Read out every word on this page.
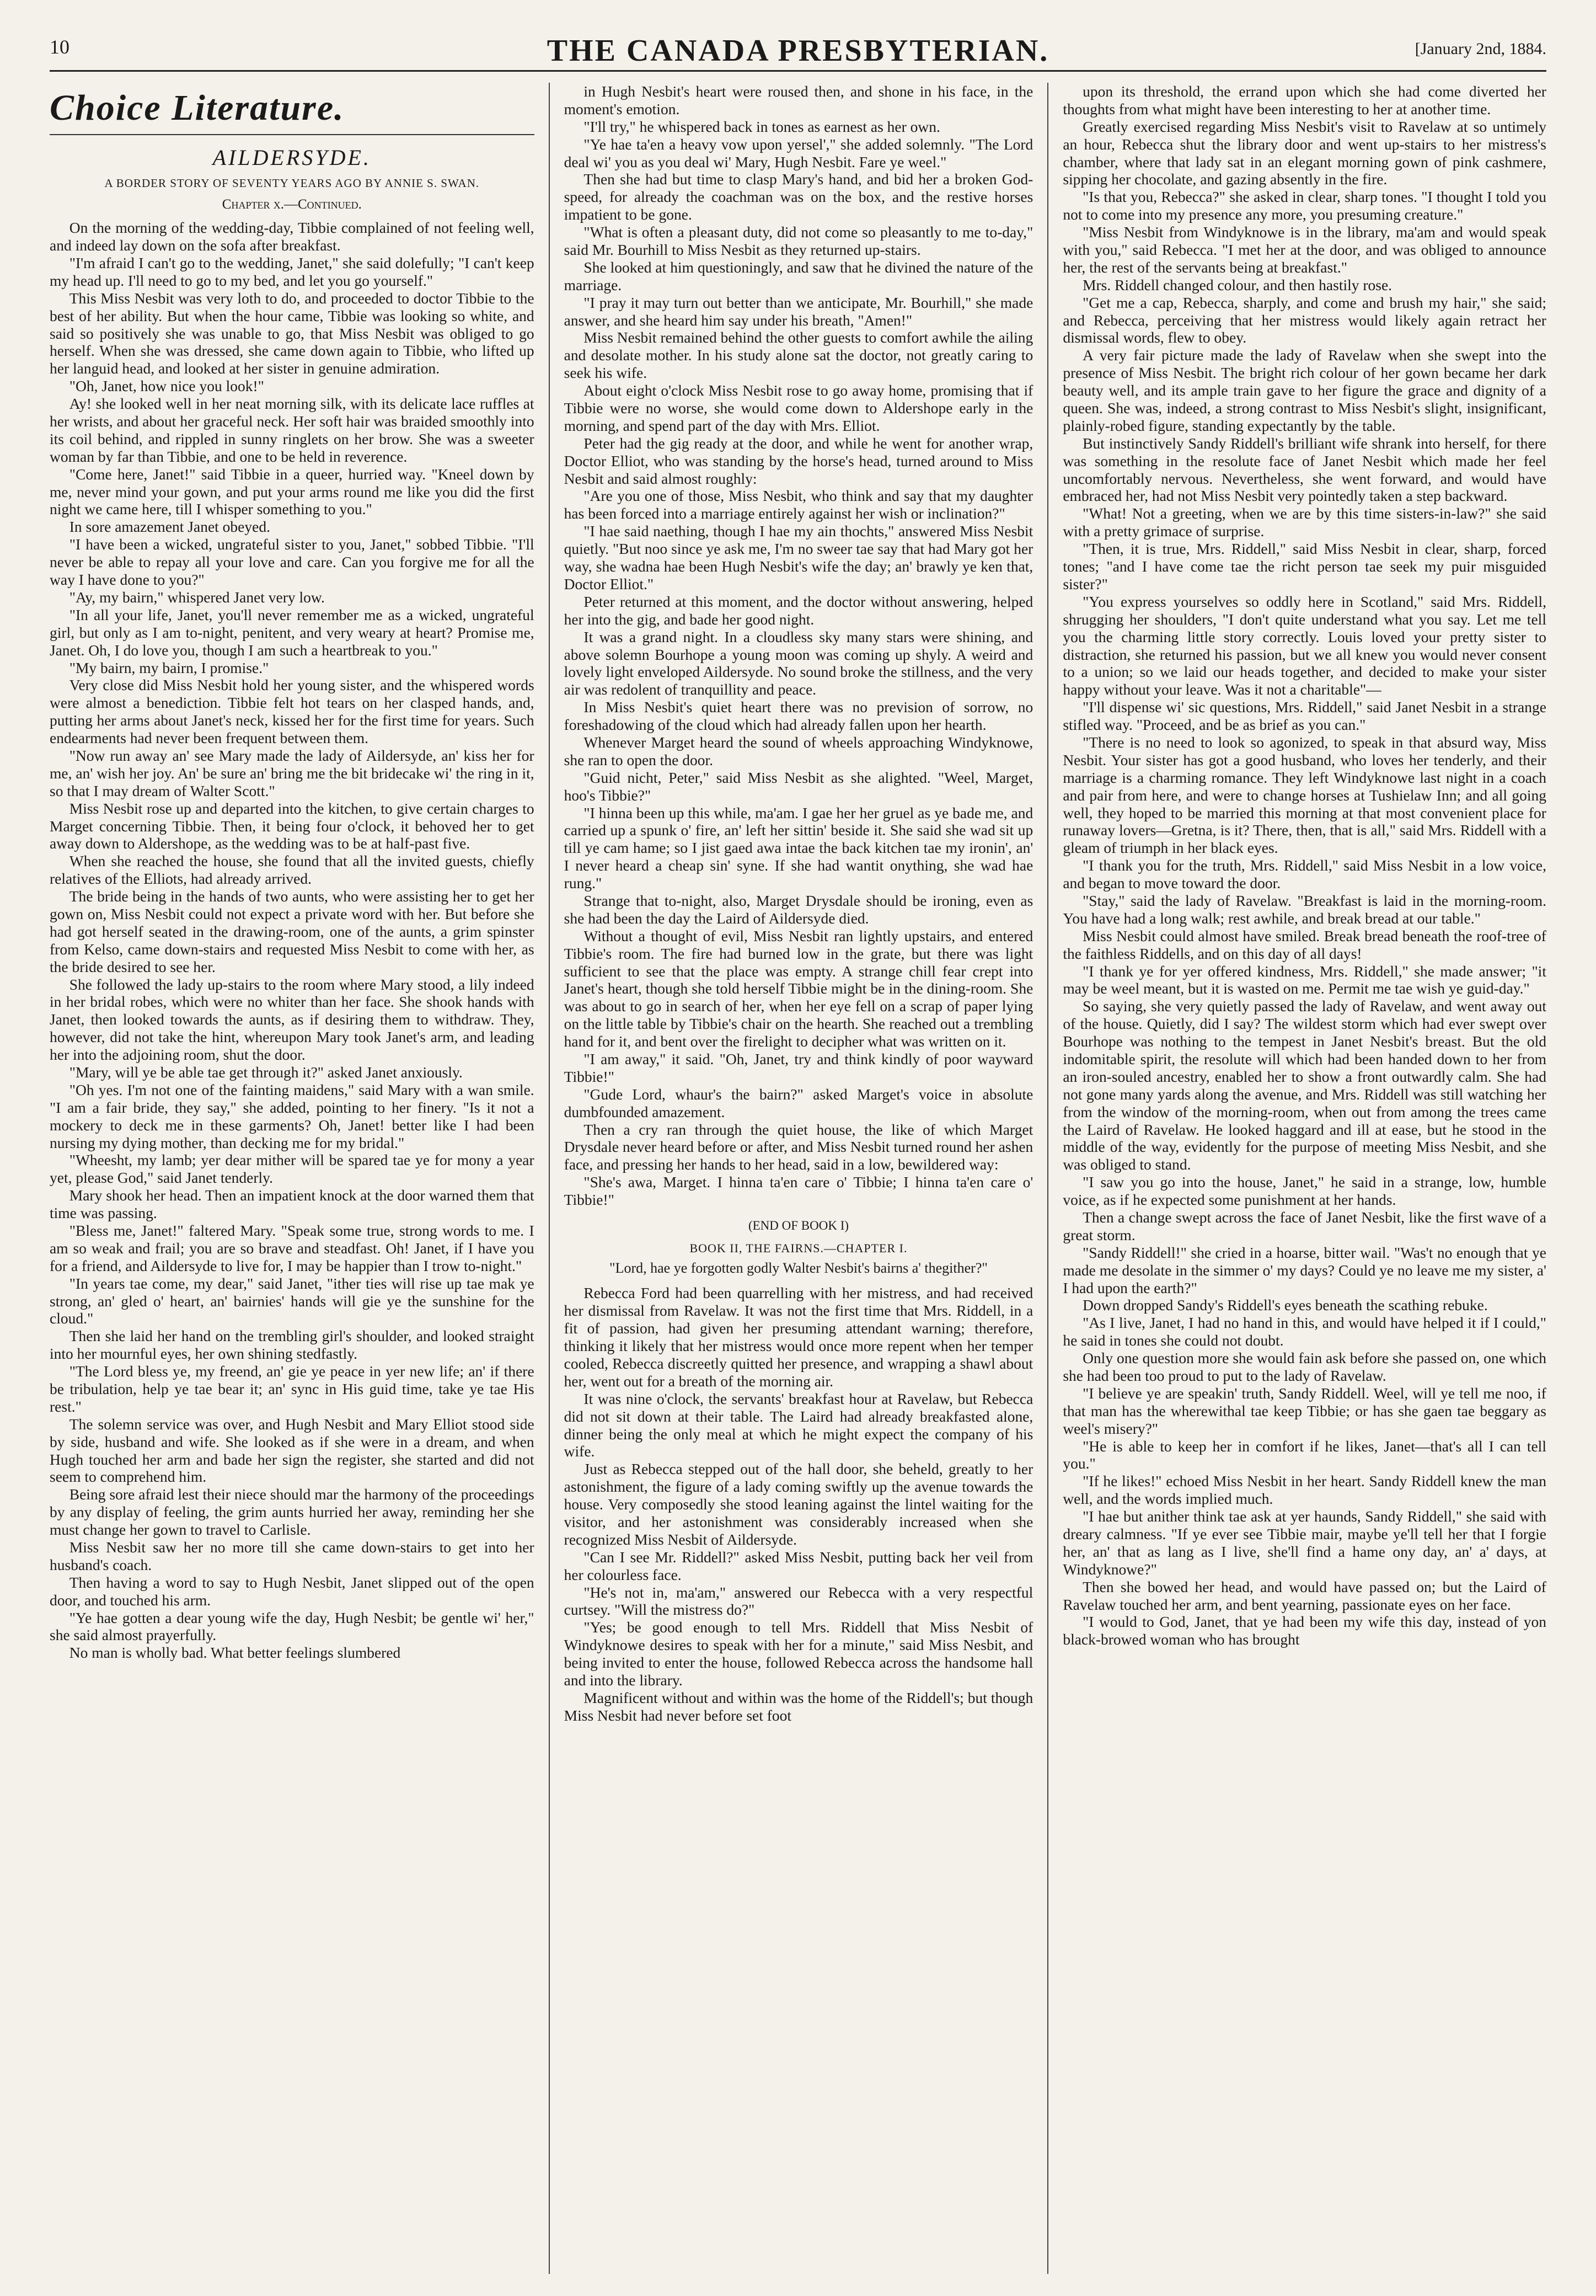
10	THE CANADA PRESBYTERIAN.	[January 2nd, 1884.
Choice Literature.
AILDERSYDE.
A BORDER STORY OF SEVENTY YEARS AGO BY ANNIE S. SWAN.
Chapter x.—Continued.

On the morning of the wedding-day, Tibbie complained of not feeling well, and indeed lay down on the sofa after breakfast.

"I'm afraid I can't go to the wedding, Janet," she said dolefully; "I can't keep my head up. I'll need to go to my bed, and let you go yourself."

This Miss Nesbit was very loth to do, and proceeded to doctor Tibbie to the best of her ability. But when the hour came, Tibbie was looking so white, and said so positively she was unable to go, that Miss Nesbit was obliged to go herself. When she was dressed, she came down again to Tibbie, who lifted up her languid head, and looked at her sister in genuine admiration.

"Oh, Janet, how nice you look!"

Ay! she looked well in her neat morning silk, with its delicate lace ruffles at her wrists, and about her graceful neck. Her soft hair was braided smoothly into its coil behind, and rippled in sunny ringlets on her brow. She was a sweeter woman by far than Tibbie, and one to be held in reverence.

"Come here, Janet!" said Tibbie in a queer, hurried way. "Kneel down by me, never mind your gown, and put your arms round me like you did the first night we came here, till I whisper something to you."

In sore amazement Janet obeyed.

"I have been a wicked, ungrateful sister to you, Janet," sobbed Tibbie. "I'll never be able to repay all your love and care. Can you forgive me for all the way I have done to you?"

"Ay, my bairn," whispered Janet very low.

"In all your life, Janet, you'll never remember me as a wicked, ungrateful girl, but only as I am to-night, penitent, and very weary at heart? Promise me, Janet. Oh, I do love you, though I am such a heartbreak to you."

"My bairn, my bairn, I promise."

Very close did Miss Nesbit hold her young sister, and the whispered words were almost a benediction. Tibbie felt hot tears on her clasped hands, and, putting her arms about Janet's neck, kissed her for the first time for years. Such endearments had never been frequent between them.

"Now run away an' see Mary made the lady of Aildersyde, an' kiss her for me, an' wish her joy. An' be sure an' bring me the bit bridecake wi' the ring in it, so that I may dream of Walter Scott."

Miss Nesbit rose up and departed into the kitchen, to give certain charges to Marget concerning Tibbie. Then, it being four o'clock, it behoved her to get away down to Aldershope, as the wedding was to be at half-past five.

When she reached the house, she found that all the invited guests, chiefly relatives of the Elliots, had already arrived.

The bride being in the hands of two aunts, who were assisting her to get her gown on, Miss Nesbit could not expect a private word with her. But before she had got herself seated in the drawing-room, one of the aunts, a grim spinster from Kelso, came down-stairs and requested Miss Nesbit to come with her, as the bride desired to see her.

She followed the lady up-stairs to the room where Mary stood, a lily indeed in her bridal robes, which were no whiter than her face. She shook hands with Janet, then looked towards the aunts, as if desiring them to withdraw. They, however, did not take the hint, whereupon Mary took Janet's arm, and leading her into the adjoining room, shut the door.

"Mary, will ye be able tae get through it?" asked Janet anxiously.

"Oh yes. I'm not one of the fainting maidens," said Mary with a wan smile. "I am a fair bride, they say," she added, pointing to her finery. "Is it not a mockery to deck me in these garments? Oh, Janet! better like I had been nursing my dying mother, than decking me for my bridal."

"Wheesht, my lamb; yer dear mither will be spared tae ye for mony a year yet, please God," said Janet tenderly.

Mary shook her head. Then an impatient knock at the door warned them that time was passing.

"Bless me, Janet!" faltered Mary. "Speak some true, strong words to me. I am so weak and frail; you are so brave and steadfast. Oh! Janet, if I have you for a friend, and Aildersyde to live for, I may be happier than I trow to-night."

"In years tae come, my dear," said Janet, "ither ties will rise up tae mak ye strong, an' gled o' heart, an' bairnies' hands will gie ye the sunshine for the cloud."

Then she laid her hand on the trembling girl's shoulder, and looked straight into her mournful eyes, her own shining stedfastly.

"The Lord bless ye, my freend, an' gie ye peace in yer new life; an' if there be tribulation, help ye tae bear it; an' sync in His guid time, take ye tae His rest."

The solemn service was over, and Hugh Nesbit and Mary Elliot stood side by side, husband and wife. She looked as if she were in a dream, and when Hugh touched her arm and bade her sign the register, she started and did not seem to comprehend him.

Being sore afraid lest their niece should mar the harmony of the proceedings by any display of feeling, the grim aunts hurried her away, reminding her she must change her gown to travel to Carlisle.

Miss Nesbit saw her no more till she came down-stairs to get into her husband's coach.

Then having a word to say to Hugh Nesbit, Janet slipped out of the open door, and touched his arm.

"Ye hae gotten a dear young wife the day, Hugh Nesbit; be gentle wi' her," she said almost prayerfully.

No man is wholly bad. What better feelings slumbered

in Hugh Nesbit's heart were roused then, and shone in his face, in the moment's emotion.

"I'll try," he whispered back in tones as earnest as her own.

"Ye hae ta'en a heavy vow upon yersel'," she added solemnly. "The Lord deal wi' you as you deal wi' Mary, Hugh Nesbit. Fare ye weel."

Then she had but time to clasp Mary's hand, and bid her a broken God-speed, for already the coachman was on the box, and the restive horses impatient to be gone.

"What is often a pleasant duty, did not come so pleasantly to me to-day," said Mr. Bourhill to Miss Nesbit as they returned up-stairs.

She looked at him questioningly, and saw that he divined the nature of the marriage.

"I pray it may turn out better than we anticipate, Mr. Bourhill," she made answer, and she heard him say under his breath, "Amen!"

Miss Nesbit remained behind the other guests to comfort awhile the ailing and desolate mother. In his study alone sat the doctor, not greatly caring to seek his wife.

About eight o'clock Miss Nesbit rose to go away home, promising that if Tibbie were no worse, she would come down to Aldershope early in the morning, and spend part of the day with Mrs. Elliot.

Peter had the gig ready at the door, and while he went for another wrap, Doctor Elliot, who was standing by the horse's head, turned around to Miss Nesbit and said almost roughly:

"Are you one of those, Miss Nesbit, who think and say that my daughter has been forced into a marriage entirely against her wish or inclination?"

"I hae said naething, though I hae my ain thochts," answered Miss Nesbit quietly. "But noo since ye ask me, I'm no sweer tae say that had Mary got her way, she wadna hae been Hugh Nesbit's wife the day; an' brawly ye ken that, Doctor Elliot."

Peter returned at this moment, and the doctor without answering, helped her into the gig, and bade her good night.

It was a grand night. In a cloudless sky many stars were shining, and above solemn Bourhope a young moon was coming up shyly. A weird and lovely light enveloped Aildersyde. No sound broke the stillness, and the very air was redolent of tranquillity and peace.

In Miss Nesbit's quiet heart there was no prevision of sorrow, no foreshadowing of the cloud which had already fallen upon her hearth.

Whenever Marget heard the sound of wheels approaching Windyknowe, she ran to open the door.

"Guid nicht, Peter," said Miss Nesbit as she alighted. "Weel, Marget, hoo's Tibbie?"

"I hinna been up this while, ma'am. I gae her her gruel as ye bade me, and carried up a spunk o' fire, an' left her sittin' beside it. She said she wad sit up till ye cam hame; so I jist gaed awa intae the back kitchen tae my ironin', an' I never heard a cheap sin' syne. If she had wantit onything, she wad hae rung."

Strange that to-night, also, Marget Drysdale should be ironing, even as she had been the day the Laird of Aildersyde died.

Without a thought of evil, Miss Nesbit ran lightly upstairs, and entered Tibbie's room. The fire had burned low in the grate, but there was light sufficient to see that the place was empty. A strange chill fear crept into Janet's heart, though she told herself Tibbie might be in the dining-room. She was about to go in search of her, when her eye fell on a scrap of paper lying on the little table by Tibbie's chair on the hearth. She reached out a trembling hand for it, and bent over the firelight to decipher what was written on it.

"I am away," it said. "Oh, Janet, try and think kindly of poor wayward Tibbie!"

"Gude Lord, whaur's the bairn?" asked Marget's voice in absolute dumbfounded amazement.

Then a cry ran through the quiet house, the like of which Marget Drysdale never heard before or after, and Miss Nesbit turned round her ashen face, and pressing her hands to her head, said in a low, bewildered way:

"She's awa, Marget. I hinna ta'en care o' Tibbie; I hinna ta'en care o' Tibbie!"

(END OF BOOK I)
BOOK II, THE FAIRNS.—CHAPTER I.
"Lord, hae ye forgotten godly Walter Nesbit's bairns a' thegither?"

Rebecca Ford had been quarrelling with her mistress, and had received her dismissal from Ravelaw. It was not the first time that Mrs. Riddell, in a fit of passion, had given her presuming attendant warning; therefore, thinking it likely that her mistress would once more repent when her temper cooled, Rebecca discreetly quitted her presence, and wrapping a shawl about her, went out for a breath of the morning air.

It was nine o'clock, the servants' breakfast hour at Ravelaw, but Rebecca did not sit down at their table. The Laird had already breakfasted alone, dinner being the only meal at which he might expect the company of his wife.

Just as Rebecca stepped out of the hall door, she beheld, greatly to her astonishment, the figure of a lady coming swiftly up the avenue towards the house. Very composedly she stood leaning against the lintel waiting for the visitor, and her astonishment was considerably increased when she recognized Miss Nesbit of Aildersyde.

"Can I see Mr. Riddell?" asked Miss Nesbit, putting back her veil from her colourless face.

"He's not in, ma'am," answered our Rebecca with a very respectful curtsey. "Will the mistress do?"

"Yes; be good enough to tell Mrs. Riddell that Miss Nesbit of Windyknowe desires to speak with her for a minute," said Miss Nesbit, and being invited to enter the house, followed Rebecca across the handsome hall and into the library.

Magnificent without and within was the home of the Riddell's; but though Miss Nesbit had never before set foot

upon its threshold, the errand upon which she had come diverted her thoughts from what might have been interesting to her at another time.

Greatly exercised regarding Miss Nesbit's visit to Ravelaw at so untimely an hour, Rebecca shut the library door and went up-stairs to her mistress's chamber, where that lady sat in an elegant morning gown of pink cashmere, sipping her chocolate, and gazing absently in the fire.

"Is that you, Rebecca?" she asked in clear, sharp tones. "I thought I told you not to come into my presence any more, you presuming creature."

"Miss Nesbit from Windyknowe is in the library, ma'am and would speak with you," said Rebecca. "I met her at the door, and was obliged to announce her, the rest of the servants being at breakfast."

Mrs. Riddell changed colour, and then hastily rose.

"Get me a cap, Rebecca, sharply, and come and brush my hair," she said; and Rebecca, perceiving that her mistress would likely again retract her dismissal words, flew to obey.

A very fair picture made the lady of Ravelaw when she swept into the presence of Miss Nesbit. The bright rich colour of her gown became her dark beauty well, and its ample train gave to her figure the grace and dignity of a queen. She was, indeed, a strong contrast to Miss Nesbit's slight, insignificant, plainly-robed figure, standing expectantly by the table.

But instinctively Sandy Riddell's brilliant wife shrank into herself, for there was something in the resolute face of Janet Nesbit which made her feel uncomfortably nervous. Nevertheless, she went forward, and would have embraced her, had not Miss Nesbit very pointedly taken a step backward.

"What! Not a greeting, when we are by this time sisters-in-law?" she said with a pretty grimace of surprise.

"Then, it is true, Mrs. Riddell," said Miss Nesbit in clear, sharp, forced tones; "and I have come tae the richt person tae seek my puir misguided sister?"

"You express yourselves so oddly here in Scotland," said Mrs. Riddell, shrugging her shoulders, "I don't quite understand what you say. Let me tell you the charming little story correctly. Louis loved your pretty sister to distraction, she returned his passion, but we all knew you would never consent to a union; so we laid our heads together, and decided to make your sister happy without your leave. Was it not a charitable"—

"I'll dispense wi' sic questions, Mrs. Riddell," said Janet Nesbit in a strange stifled way. "Proceed, and be as brief as you can."

"There is no need to look so agonized, to speak in that absurd way, Miss Nesbit. Your sister has got a good husband, who loves her tenderly, and their marriage is a charming romance. They left Windyknowe last night in a coach and pair from here, and were to change horses at Tushielaw Inn; and all going well, they hoped to be married this morning at that most convenient place for runaway lovers—Gretna, is it? There, then, that is all," said Mrs. Riddell with a gleam of triumph in her black eyes.

"I thank you for the truth, Mrs. Riddell," said Miss Nesbit in a low voice, and began to move toward the door.

"Stay," said the lady of Ravelaw. "Breakfast is laid in the morning-room. You have had a long walk; rest awhile, and break bread at our table."

Miss Nesbit could almost have smiled. Break bread beneath the roof-tree of the faithless Riddells, and on this day of all days!

"I thank ye for yer offered kindness, Mrs. Riddell," she made answer; "it may be weel meant, but it is wasted on me. Permit me tae wish ye guid-day."

So saying, she very quietly passed the lady of Ravelaw, and went away out of the house. Quietly, did I say? The wildest storm which had ever swept over Bourhope was nothing to the tempest in Janet Nesbit's breast. But the old indomitable spirit, the resolute will which had been handed down to her from an iron-souled ancestry, enabled her to show a front outwardly calm. She had not gone many yards along the avenue, and Mrs. Riddell was still watching her from the window of the morning-room, when out from among the trees came the Laird of Ravelaw. He looked haggard and ill at ease, but he stood in the middle of the way, evidently for the purpose of meeting Miss Nesbit, and she was obliged to stand.

"I saw you go into the house, Janet," he said in a strange, low, humble voice, as if he expected some punishment at her hands.

Then a change swept across the face of Janet Nesbit, like the first wave of a great storm.

"Sandy Riddell!" she cried in a hoarse, bitter wail. "Was't no enough that ye made me desolate in the simmer o' my days? Could ye no leave me my sister, a' I had upon the earth?"

Down dropped Sandy's Riddell's eyes beneath the scathing rebuke.

"As I live, Janet, I had no hand in this, and would have helped it if I could," he said in tones she could not doubt.

Only one question more she would fain ask before she passed on, one which she had been too proud to put to the lady of Ravelaw.

"I believe ye are speakin' truth, Sandy Riddell. Weel, will ye tell me noo, if that man has the wherewithal tae keep Tibbie; or has she gaen tae beggary as weel's misery?"

"He is able to keep her in comfort if he likes, Janet—that's all I can tell you."

"If he likes!" echoed Miss Nesbit in her heart. Sandy Riddell knew the man well, and the words implied much.

"I hae but anither think tae ask at yer haunds, Sandy Riddell," she said with dreary calmness. "If ye ever see Tibbie mair, maybe ye'll tell her that I forgie her, an' that as lang as I live, she'll find a hame ony day, an' a' days, at Windyknowe?"

Then she bowed her head, and would have passed on; but the Laird of Ravelaw touched her arm, and bent yearning, passionate eyes on her face.

"I would to God, Janet, that ye had been my wife this day, instead of yon black-browed woman who has brought
